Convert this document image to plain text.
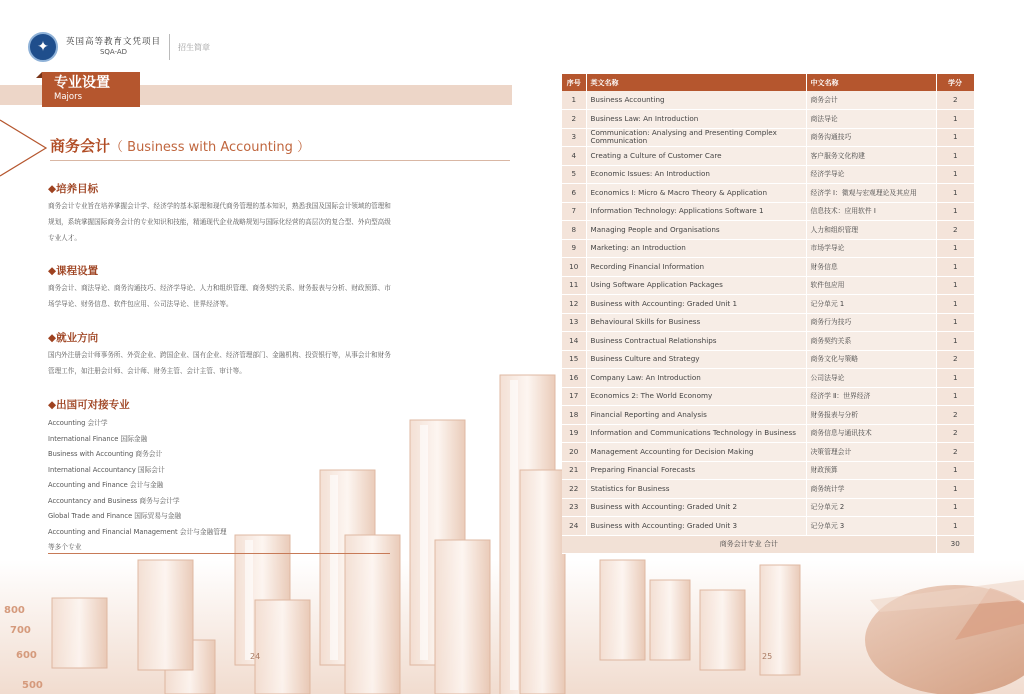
800
700
600
500
✦	英国高等教育文凭项目
SQA-AD
招生简章
专业设置
Majors
商务会计（ Business with Accounting ）
◆培养目标
商务会计专业旨在培养掌握会计学、经济学的基本原理和现代商务管理的基本知识，熟悉我国及国际会计领域的管理和规划，系统掌握国际商务会计的专业知识和技能，精通现代企业战略规划与国际化经营的高层次的复合型、外向型高级专业人才。
◆课程设置
商务会计、商法导论、商务沟通技巧、经济学导论、人力和组织管理、商务契约关系、财务报表与分析、财政预算、市场学导论、财务信息、软件包应用、公司法导论、世界经济等。
◆就业方向
国内外注册会计师事务所、外资企业、跨国企业、国有企业、经济管理部门、金融机构、投资银行等，从事会计和财务管理工作，如注册会计师、会计师、财务主管、会计主管、审计等。
◆出国可对接专业
Accounting 会计学
International Finance 国际金融
Business with Accounting 商务会计
International Accountancy 国际会计
Accounting and Finance 会计与金融
Accountancy and Business 商务与会计学
Global Trade and Finance 国际贸易与金融
Accounting and Financial Management 会计与金融管理
等多个专业
序号	英文名称	中文名称	学分
1	Business Accounting	商务会计	2
2	Business Law: An Introduction	商法导论	1
3	Communication: Analysing and Presenting Complex Communication	商务沟通技巧	1
4	Creating a Culture of Customer Care	客户服务文化构建	1
5	Economic Issues: An Introduction	经济学导论	1
6	Economics I: Micro & Macro Theory & Application	经济学 Ⅰ：微观与宏观理论及其应用	1
7	Information Technology: Applications Software 1	信息技术：应用软件 Ⅰ	1
8	Managing People and Organisations	人力和组织管理	2
9	Marketing: an Introduction	市场学导论	1
10	Recording Financial Information	财务信息	1
11	Using Software Application Packages	软件包应用	1
12	Business with Accounting: Graded Unit 1	记分单元 1	1
13	Behavioural Skills for Business	商务行为技巧	1
14	Business Contractual Relationships	商务契约关系	1
15	Business Culture and Strategy	商务文化与策略	2
16	Company Law: An Introduction	公司法导论	1
17	Economics 2: The World Economy	经济学 Ⅱ：世界经济	1
18	Financial Reporting and Analysis	财务报表与分析	2
19	Information and Communications Technology in Business	商务信息与通讯技术	2
20	Management Accounting for Decision Making	决策管理会计	2
21	Preparing Financial Forecasts	财政预算	1
22	Statistics for Business	商务统计学	1
23	Business with Accounting: Graded Unit 2	记分单元 2	1
24	Business with Accounting: Graded Unit 3	记分单元 3	1
商务会计专业 合计			30
24	25
